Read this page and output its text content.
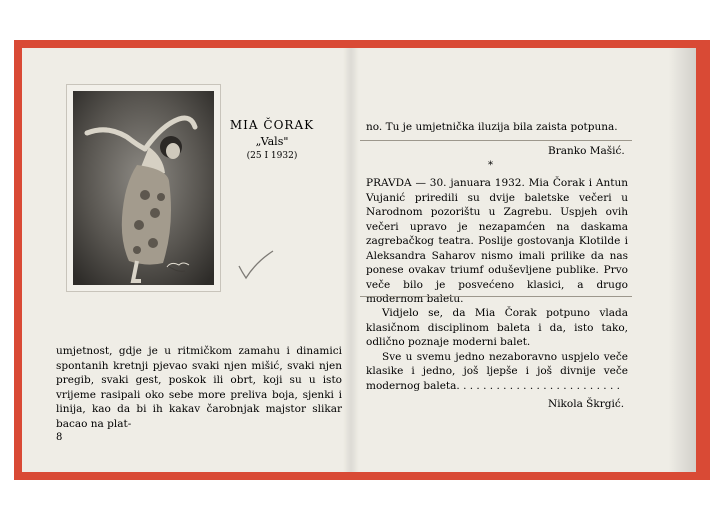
MIA ČORAK
„Vals"
(25 I 1932)

umjetnost, gdje je u ritmičkom zamahu i dinamici spontanih kretnji pjevao svaki njen mišić, svaki njen pregib, svaki gest, poskok ili obrt, koji su u isto vrijeme rasipali oko sebe more preliva boja, sjenki i linija, kao da bi ih kakav čarobnjak majstor slikar bacao na plat-

8

no. Tu je umjetnička iluzija bila zaista potpuna.

Branko Mašić.
*

PRAVDA — 30. januara 1932. Mia Čorak i Antun Vujanić priredili su dvije baletske večeri u Narodnom pozorištu u Zagrebu. Uspjeh ovih večeri upravo je nezapamćen na daskama zagrebačkog teatra. Poslije gostovanja Klotilde i Aleksandra Saharov nismo imali prilike da nas ponese ovakav triumf oduševljene publike. Prvo veče bilo je posvećeno klasici, a drugo modernom baletu.

Vidjelo se, da Mia Čorak potpuno vlada klasičnom disciplinom baleta i da, isto tako, odlično poznaje moderni balet.

Sve u svemu jedno nezaboravno uspjelo veče klasike i jedno, još ljepše i još divnije veče modernog baleta. . . . . . . . . . . . . . . . . . . . . . . . .

Nikola Škrgić.
